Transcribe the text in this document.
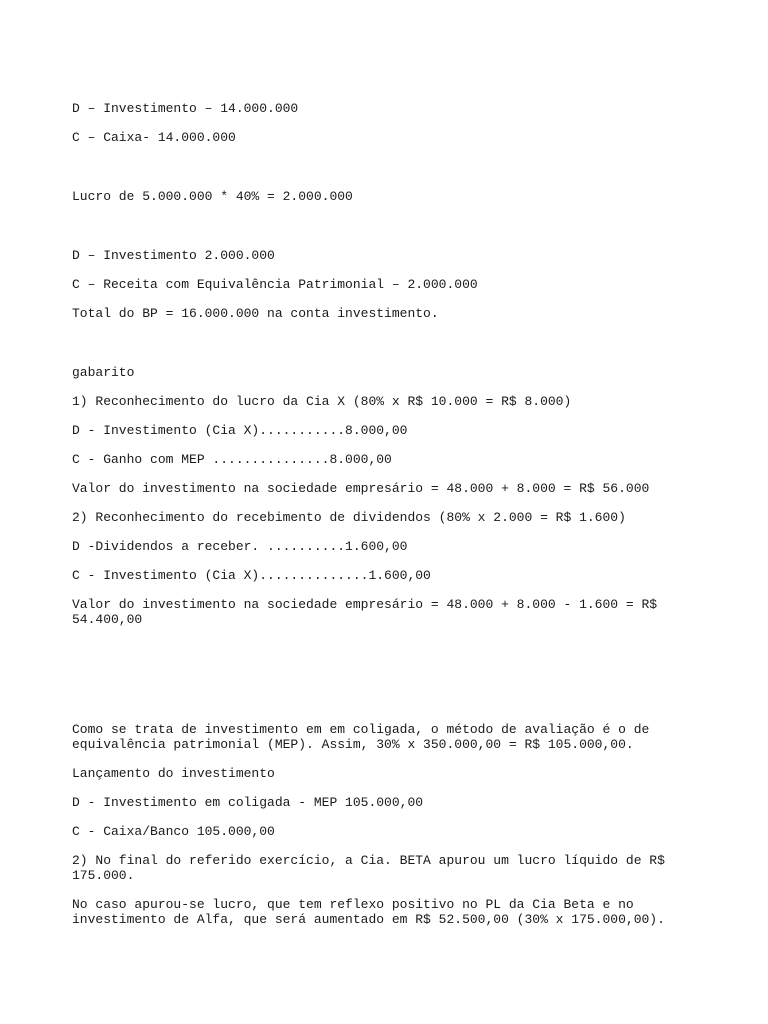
D – Investimento – 14.000.000

C – Caixa- 14.000.000

Lucro de 5.000.000 * 40% = 2.000.000

D – Investimento 2.000.000

C – Receita com Equivalência Patrimonial – 2.000.000

Total do BP = 16.000.000 na conta investimento.

gabarito

1) Reconhecimento do lucro da Cia X (80% x R$ 10.000 = R$ 8.000)

D - Investimento (Cia X)...........8.000,00

C - Ganho com MEP ...............8.000,00

Valor do investimento na sociedade empresário = 48.000 + 8.000 = R$ 56.000

2) Reconhecimento do recebimento de dividendos (80% x 2.000 = R$ 1.600)

D -Dividendos a receber. ..........1.600,00

C - Investimento (Cia X)..............1.600,00

Valor do investimento na sociedade empresário = 48.000 + 8.000 - 1.600 = R$ 54.400,00

Como se trata de investimento em em coligada, o método de avaliação é o de equivalência patrimonial (MEP). Assim, 30% x 350.000,00 = R$ 105.000,00.

Lançamento do investimento

D - Investimento em coligada - MEP 105.000,00

C - Caixa/Banco 105.000,00

2) No final do referido exercício, a Cia. BETA apurou um lucro líquido de R$ 175.000.

No caso apurou-se lucro, que tem reflexo positivo no PL da Cia Beta e no investimento de Alfa, que será aumentado em R$ 52.500,00 (30% x 175.000,00).
